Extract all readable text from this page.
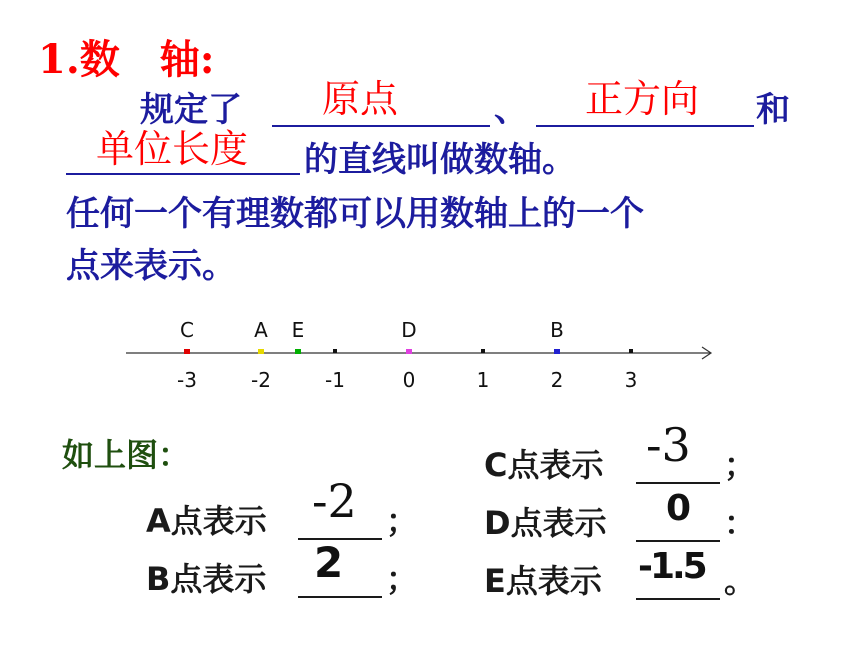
1.数　轴:
规定了 原点	、 正方向 和
单位长度 的直线叫做数轴。
任何一个有理数都可以用数轴上的一个
点来表示。
-3	-2	-1	0	1	2	3
C	A E	D	B
如上图：	C点表示 -3 ；
A点表示 -2 ； D点表示 0 ：
B点表示 2 ； E点表示 -1.5 。
